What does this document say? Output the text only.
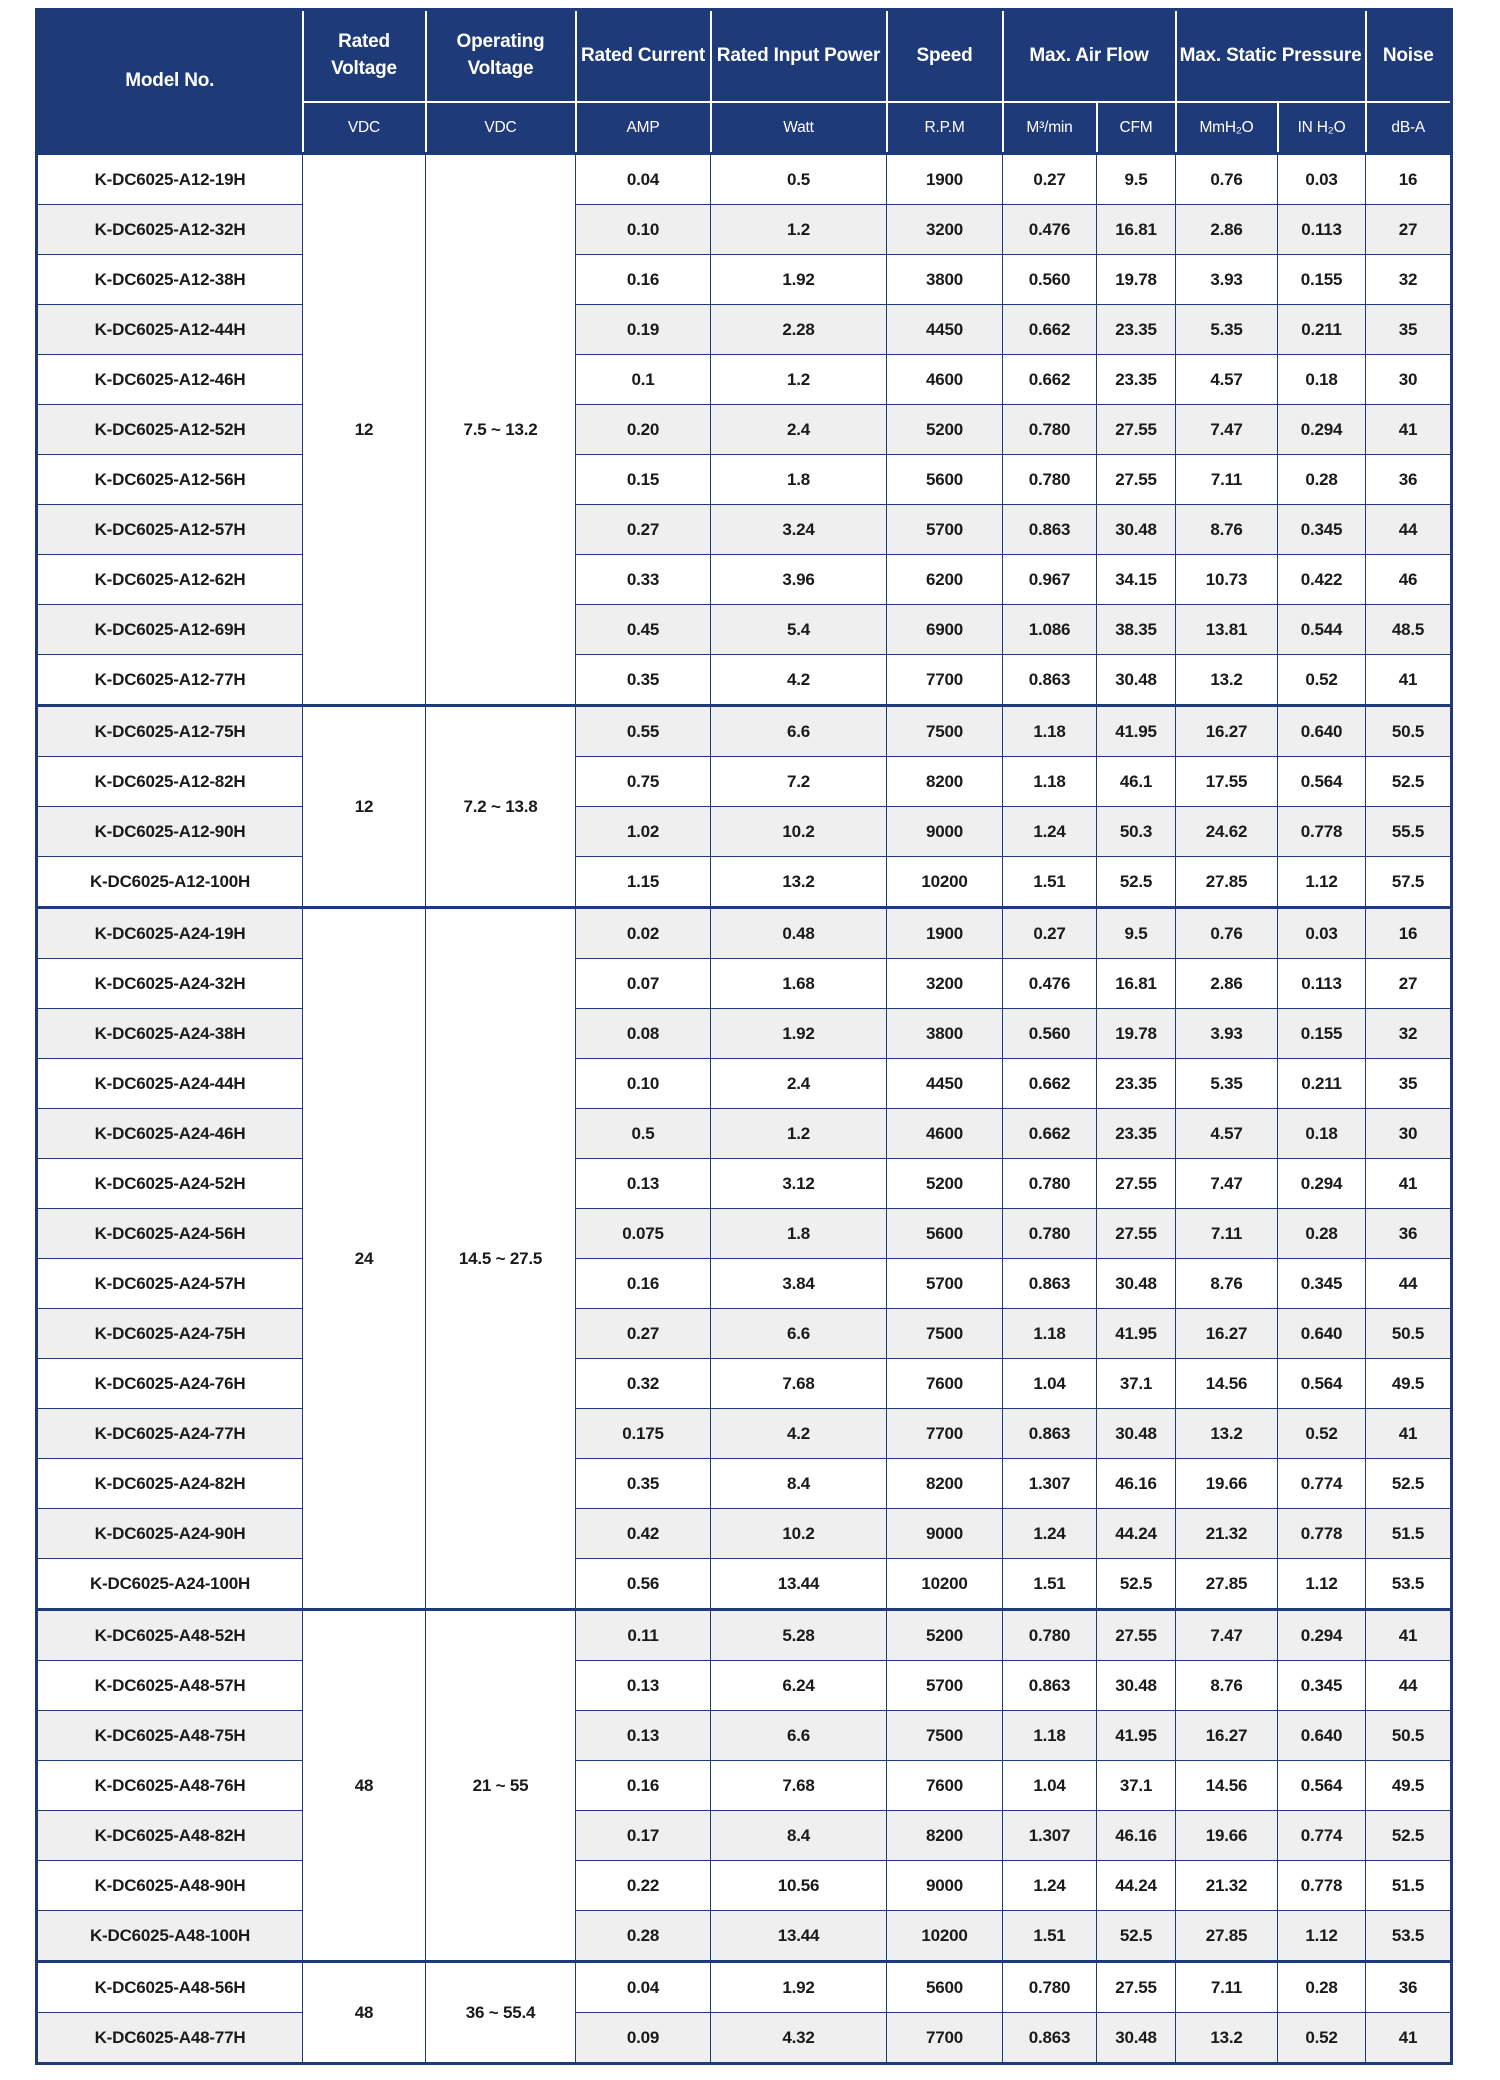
Model No.	Rated Voltage	Operating Voltage	Rated Current	Rated Input Power	Speed	Max. Air Flow		Max. Static Pressure		Noise
	VDC	VDC	AMP	Watt	R.P.M	M³/min	CFM	MmH₂O	IN H₂O	dB-A
K-DC6025-A12-19H	12	7.5 ~ 13.2	0.04	0.5	1900	0.27	9.5	0.76	0.03	16
K-DC6025-A12-32H			0.10	1.2	3200	0.476	16.81	2.86	0.113	27
K-DC6025-A12-38H			0.16	1.92	3800	0.560	19.78	3.93	0.155	32
K-DC6025-A12-44H			0.19	2.28	4450	0.662	23.35	5.35	0.211	35
K-DC6025-A12-46H			0.1	1.2	4600	0.662	23.35	4.57	0.18	30
K-DC6025-A12-52H			0.20	2.4	5200	0.780	27.55	7.47	0.294	41
K-DC6025-A12-56H			0.15	1.8	5600	0.780	27.55	7.11	0.28	36
K-DC6025-A12-57H			0.27	3.24	5700	0.863	30.48	8.76	0.345	44
K-DC6025-A12-62H			0.33	3.96	6200	0.967	34.15	10.73	0.422	46
K-DC6025-A12-69H			0.45	5.4	6900	1.086	38.35	13.81	0.544	48.5
K-DC6025-A12-77H			0.35	4.2	7700	0.863	30.48	13.2	0.52	41
K-DC6025-A12-75H	12	7.2 ~ 13.8	0.55	6.6	7500	1.18	41.95	16.27	0.640	50.5
K-DC6025-A12-82H			0.75	7.2	8200	1.18	46.1	17.55	0.564	52.5
K-DC6025-A12-90H			1.02	10.2	9000	1.24	50.3	24.62	0.778	55.5
K-DC6025-A12-100H			1.15	13.2	10200	1.51	52.5	27.85	1.12	57.5
K-DC6025-A24-19H	24	14.5 ~ 27.5	0.02	0.48	1900	0.27	9.5	0.76	0.03	16
K-DC6025-A24-32H			0.07	1.68	3200	0.476	16.81	2.86	0.113	27
K-DC6025-A24-38H			0.08	1.92	3800	0.560	19.78	3.93	0.155	32
K-DC6025-A24-44H			0.10	2.4	4450	0.662	23.35	5.35	0.211	35
K-DC6025-A24-46H			0.5	1.2	4600	0.662	23.35	4.57	0.18	30
K-DC6025-A24-52H			0.13	3.12	5200	0.780	27.55	7.47	0.294	41
K-DC6025-A24-56H			0.075	1.8	5600	0.780	27.55	7.11	0.28	36
K-DC6025-A24-57H			0.16	3.84	5700	0.863	30.48	8.76	0.345	44
K-DC6025-A24-75H			0.27	6.6	7500	1.18	41.95	16.27	0.640	50.5
K-DC6025-A24-76H			0.32	7.68	7600	1.04	37.1	14.56	0.564	49.5
K-DC6025-A24-77H			0.175	4.2	7700	0.863	30.48	13.2	0.52	41
K-DC6025-A24-82H			0.35	8.4	8200	1.307	46.16	19.66	0.774	52.5
K-DC6025-A24-90H			0.42	10.2	9000	1.24	44.24	21.32	0.778	51.5
K-DC6025-A24-100H			0.56	13.44	10200	1.51	52.5	27.85	1.12	53.5
K-DC6025-A48-52H	48	21 ~ 55	0.11	5.28	5200	0.780	27.55	7.47	0.294	41
K-DC6025-A48-57H			0.13	6.24	5700	0.863	30.48	8.76	0.345	44
K-DC6025-A48-75H			0.13	6.6	7500	1.18	41.95	16.27	0.640	50.5
K-DC6025-A48-76H			0.16	7.68	7600	1.04	37.1	14.56	0.564	49.5
K-DC6025-A48-82H			0.17	8.4	8200	1.307	46.16	19.66	0.774	52.5
K-DC6025-A48-90H			0.22	10.56	9000	1.24	44.24	21.32	0.778	51.5
K-DC6025-A48-100H			0.28	13.44	10200	1.51	52.5	27.85	1.12	53.5
K-DC6025-A48-56H	48	36 ~ 55.4	0.04	1.92	5600	0.780	27.55	7.11	0.28	36
K-DC6025-A48-77H			0.09	4.32	7700	0.863	30.48	13.2	0.52	41
